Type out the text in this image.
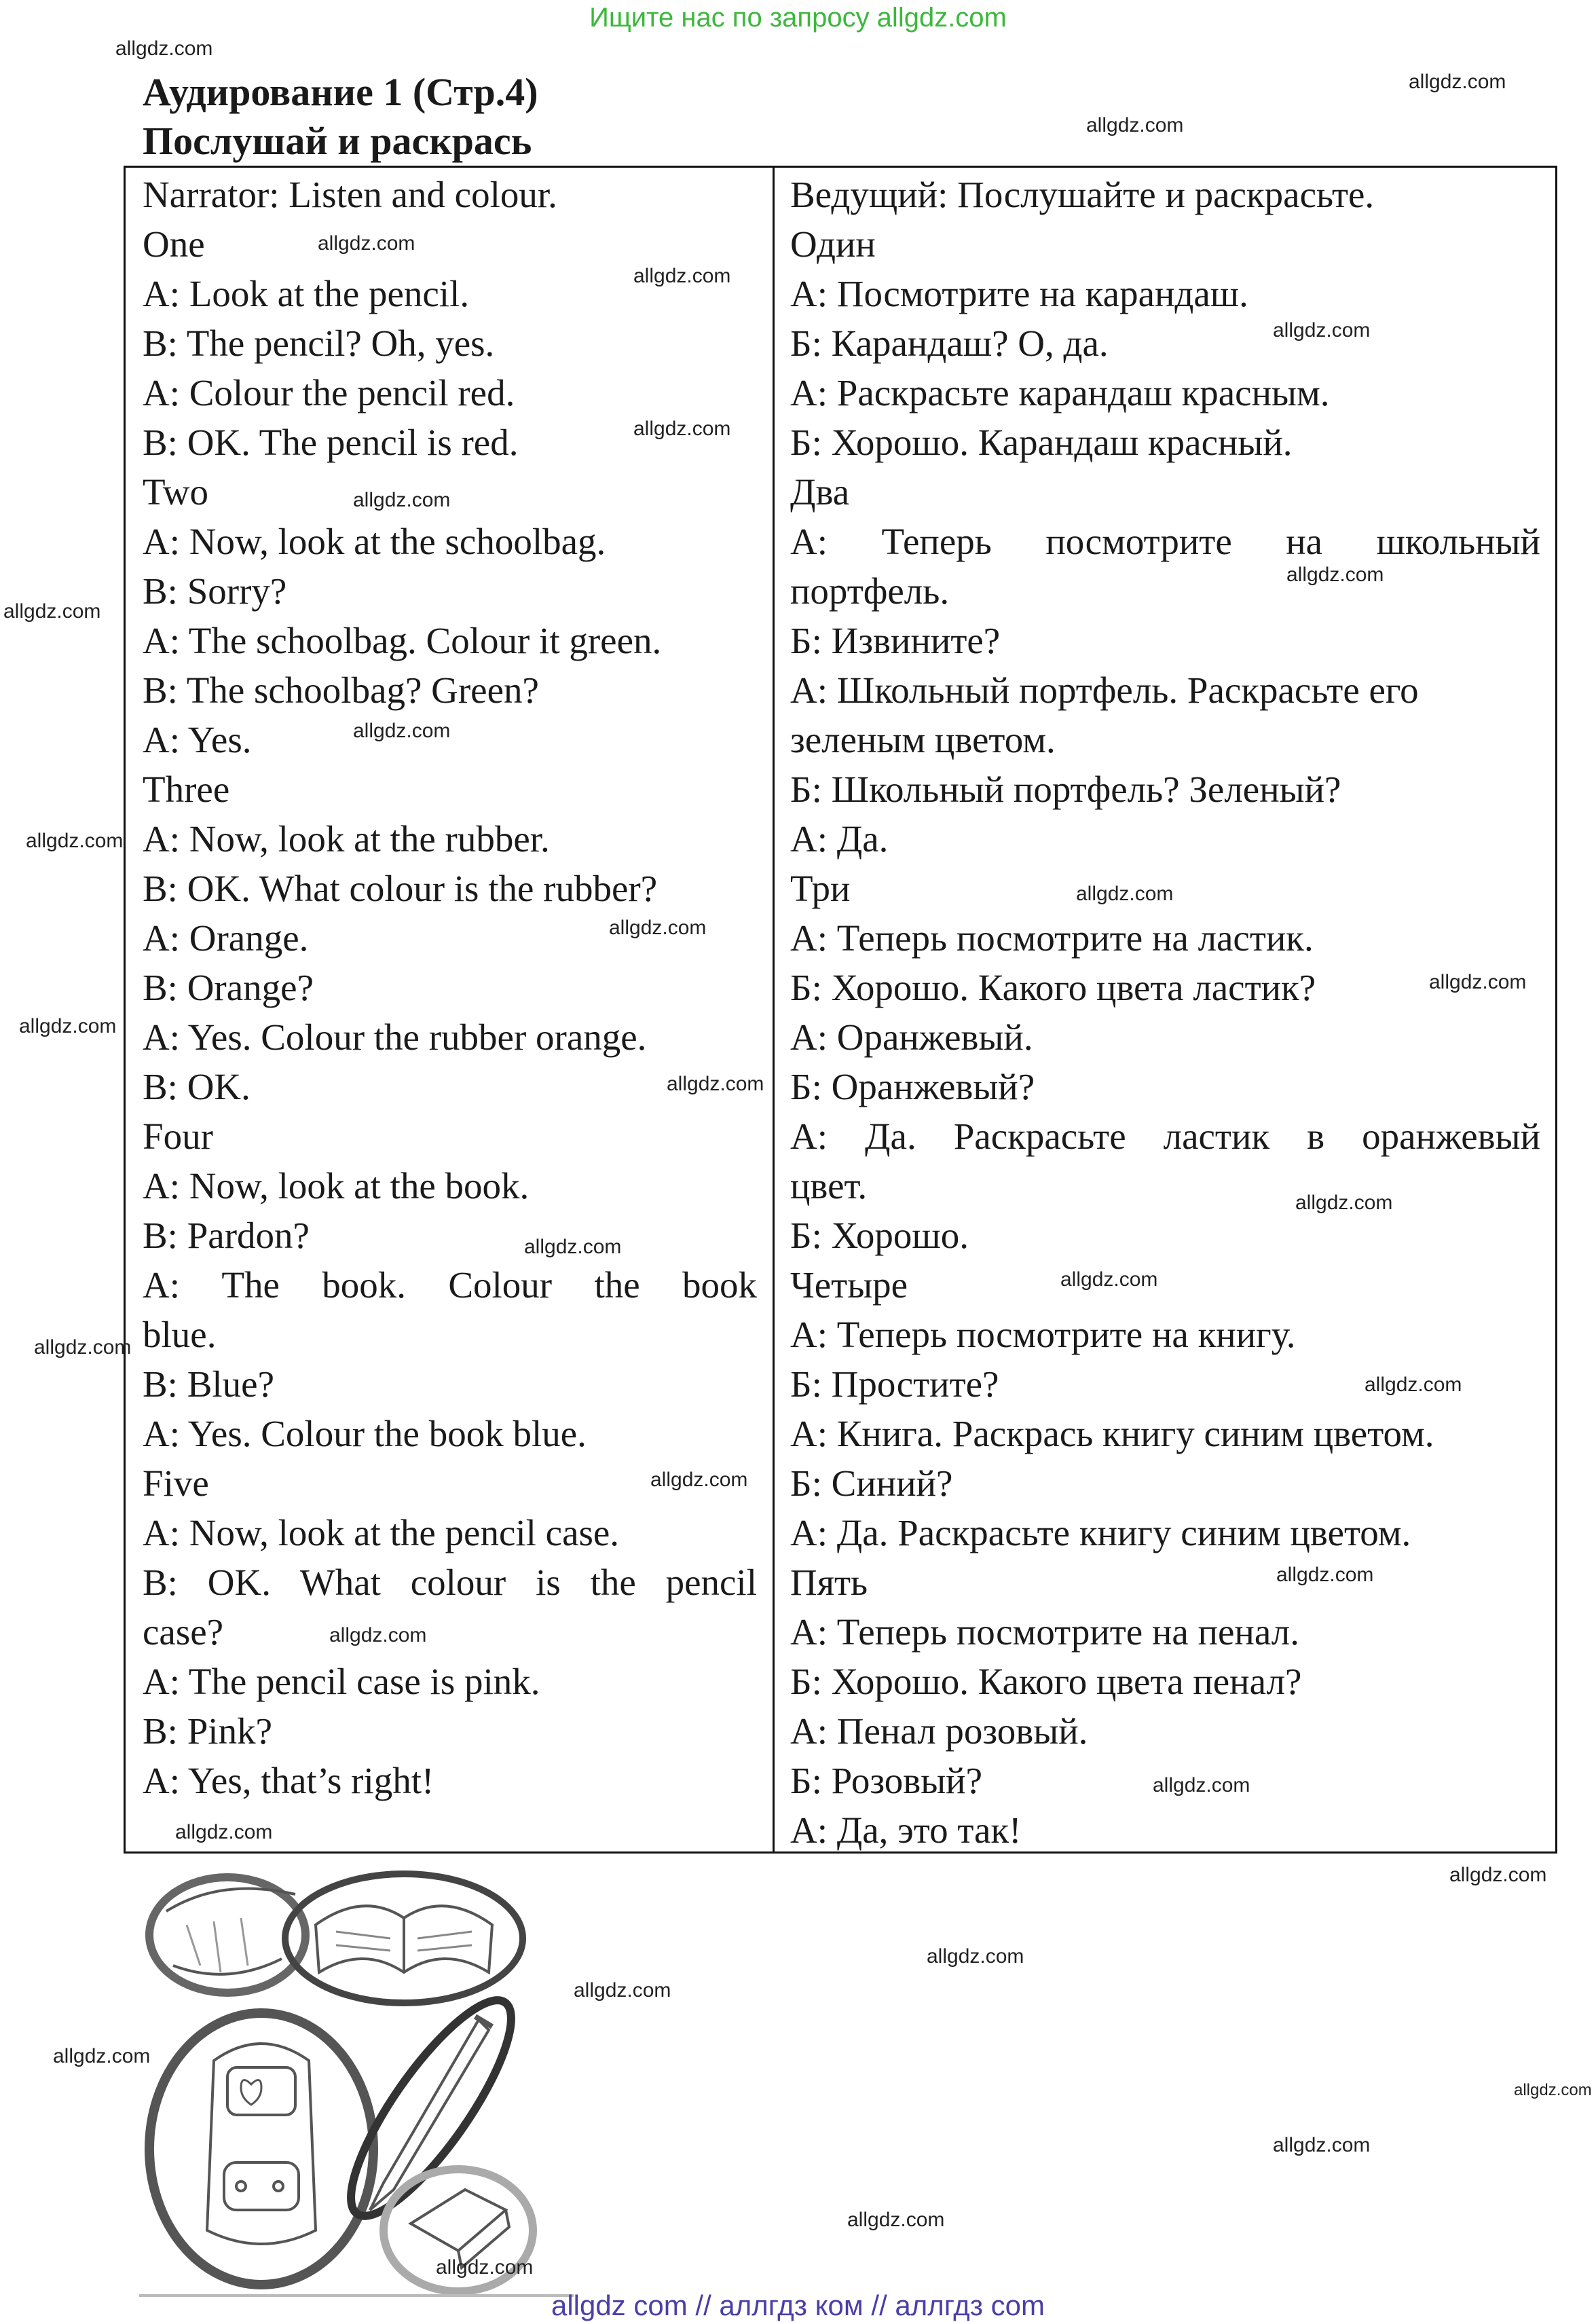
Ищите нас по запросу allgdz.com
Аудирование 1 (Стр.4)
Послушай и раскрась
Narrator: Listen and colour.
One
A: Look at the pencil.
B: The pencil? Oh, yes.
A: Colour the pencil red.
B: OK. The pencil is red.
Two
A: Now, look at the schoolbag.
B: Sorry?
A: The schoolbag. Colour it green.
B: The schoolbag? Green?
A: Yes.
Three
A: Now, look at the rubber.
B: OK. What colour is the rubber?
A: Orange.
B: Orange?
A: Yes. Colour the rubber orange.
B: OK.
Four
A: Now, look at the book.
B: Pardon?
A: The book. Colour the book
blue.
B: Blue?
A: Yes. Colour the book blue.
Five
A: Now, look at the pencil case.
B: OK. What colour is the pencil
case?
A: The pencil case is pink.
B: Pink?
A: Yes, that’s right!
Ведущий: Послушайте и раскрасьте.
Один
А: Посмотрите на карандаш.
Б: Карандаш? О, да.
А: Раскрасьте карандаш красным.
Б: Хорошо. Карандаш красный.
Два
А: Теперь посмотрите на школьный
портфель.
Б: Извините?
А: Школьный портфель. Раскрасьте его
зеленым цветом.
Б: Школьный портфель? Зеленый?
А: Да.
Три
А: Теперь посмотрите на ластик.
Б: Хорошо. Какого цвета ластик?
А: Оранжевый.
Б: Оранжевый?
А: Да. Раскрасьте ластик в оранжевый
цвет.
Б: Хорошо.
Четыре
А: Теперь посмотрите на книгу.
Б: Простите?
А: Книга. Раскрась книгу синим цветом.
Б: Синий?
А: Да. Раскрасьте книгу синим цветом.
Пять
А: Теперь посмотрите на пенал.
Б: Хорошо. Какого цвета пенал?
А: Пенал розовый.
Б: Розовый?
А: Да, это так!
allgdz.com
allgdz.com
allgdz.com
allgdz.com
allgdz.com
allgdz.com
allgdz.com
allgdz.com
allgdz.com
allgdz.com
allgdz.com
allgdz.com
allgdz.com
allgdz.com
allgdz.com
allgdz.com
allgdz.com
allgdz.com
allgdz.com
allgdz.com
allgdz.com
allgdz.com
allgdz.com
allgdz.com
allgdz.com
allgdz.com
allgdz.com
allgdz.com
allgdz.com
allgdz.com
allgdz.com
allgdz.com
allgdz.com
allgdz.com
allgdz.com
allgdz com // аллгдз ком // аллгдз com
